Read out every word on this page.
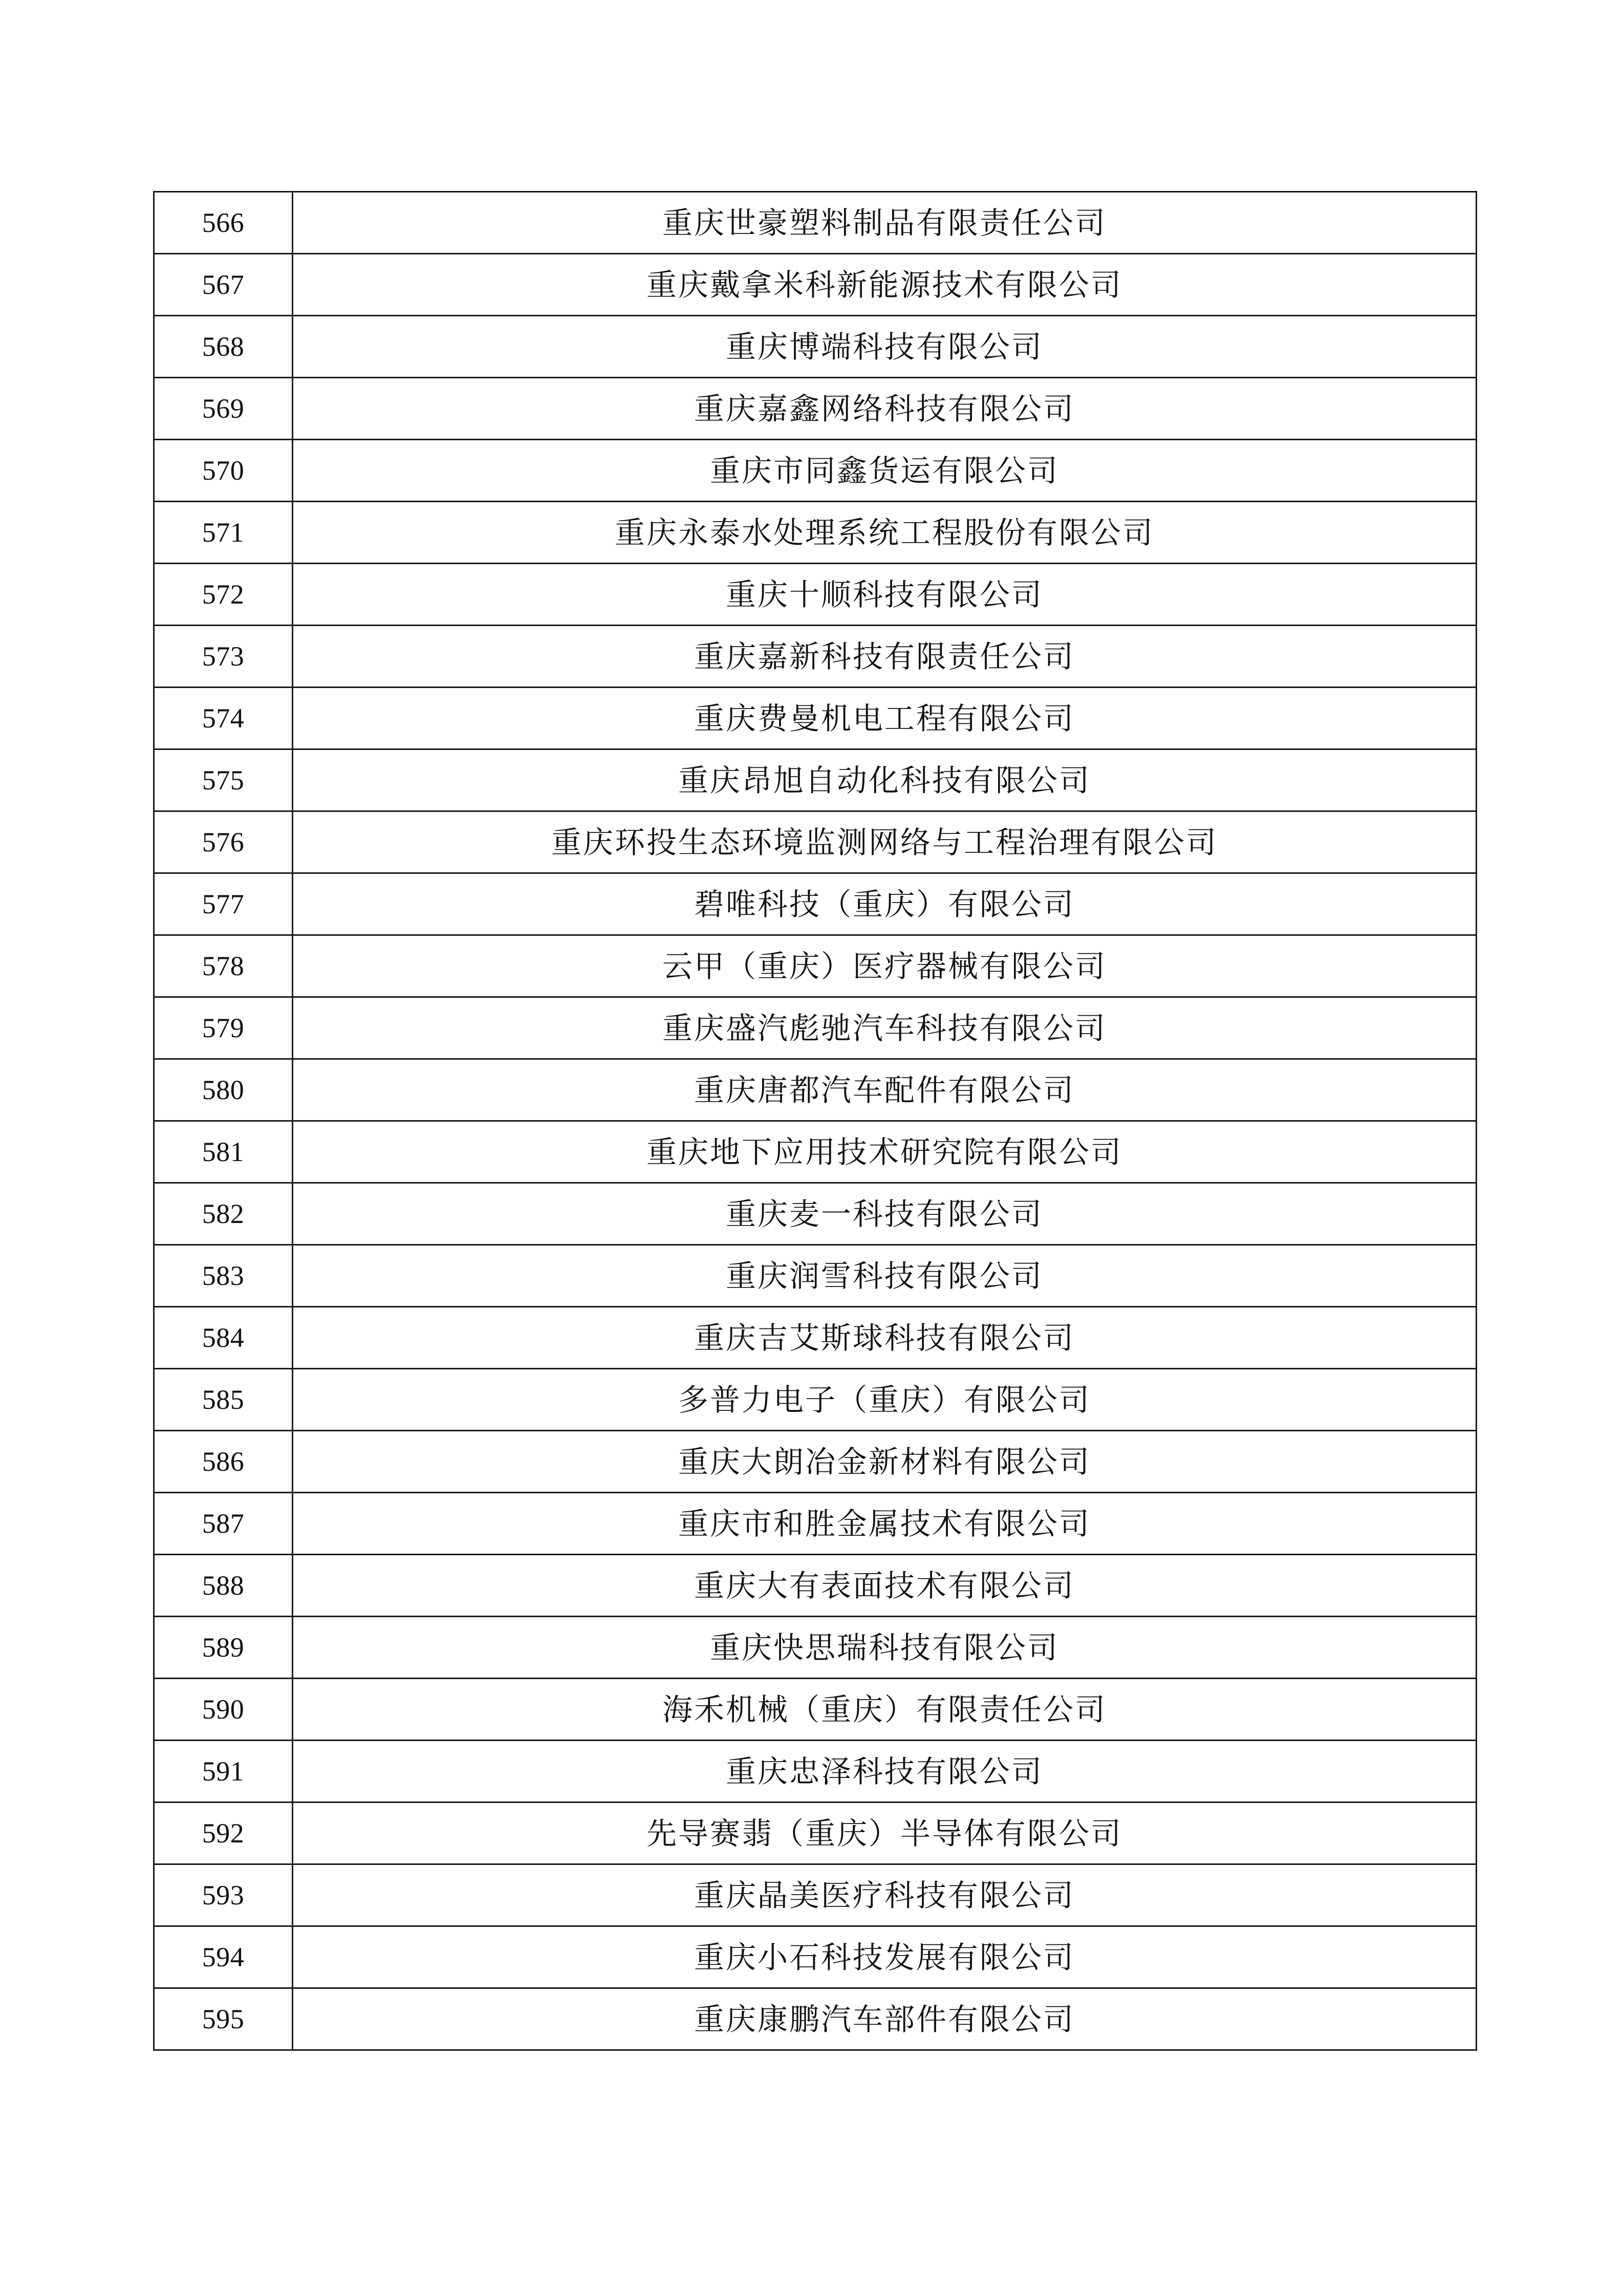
566	重庆世豪塑料制品有限责任公司
567	重庆戴拿米科新能源技术有限公司
568	重庆博端科技有限公司
569	重庆嘉鑫网络科技有限公司
570	重庆市同鑫货运有限公司
571	重庆永泰水处理系统工程股份有限公司
572	重庆十顺科技有限公司
573	重庆嘉新科技有限责任公司
574	重庆费曼机电工程有限公司
575	重庆昂旭自动化科技有限公司
576	重庆环投生态环境监测网络与工程治理有限公司
577	碧唯科技（重庆）有限公司
578	云甲（重庆）医疗器械有限公司
579	重庆盛汽彪驰汽车科技有限公司
580	重庆唐都汽车配件有限公司
581	重庆地下应用技术研究院有限公司
582	重庆麦一科技有限公司
583	重庆润雪科技有限公司
584	重庆吉艾斯球科技有限公司
585	多普力电子（重庆）有限公司
586	重庆大朗冶金新材料有限公司
587	重庆市和胜金属技术有限公司
588	重庆大有表面技术有限公司
589	重庆快思瑞科技有限公司
590	海禾机械（重庆）有限责任公司
591	重庆忠泽科技有限公司
592	先导赛翡（重庆）半导体有限公司
593	重庆晶美医疗科技有限公司
594	重庆小石科技发展有限公司
595	重庆康鹏汽车部件有限公司
